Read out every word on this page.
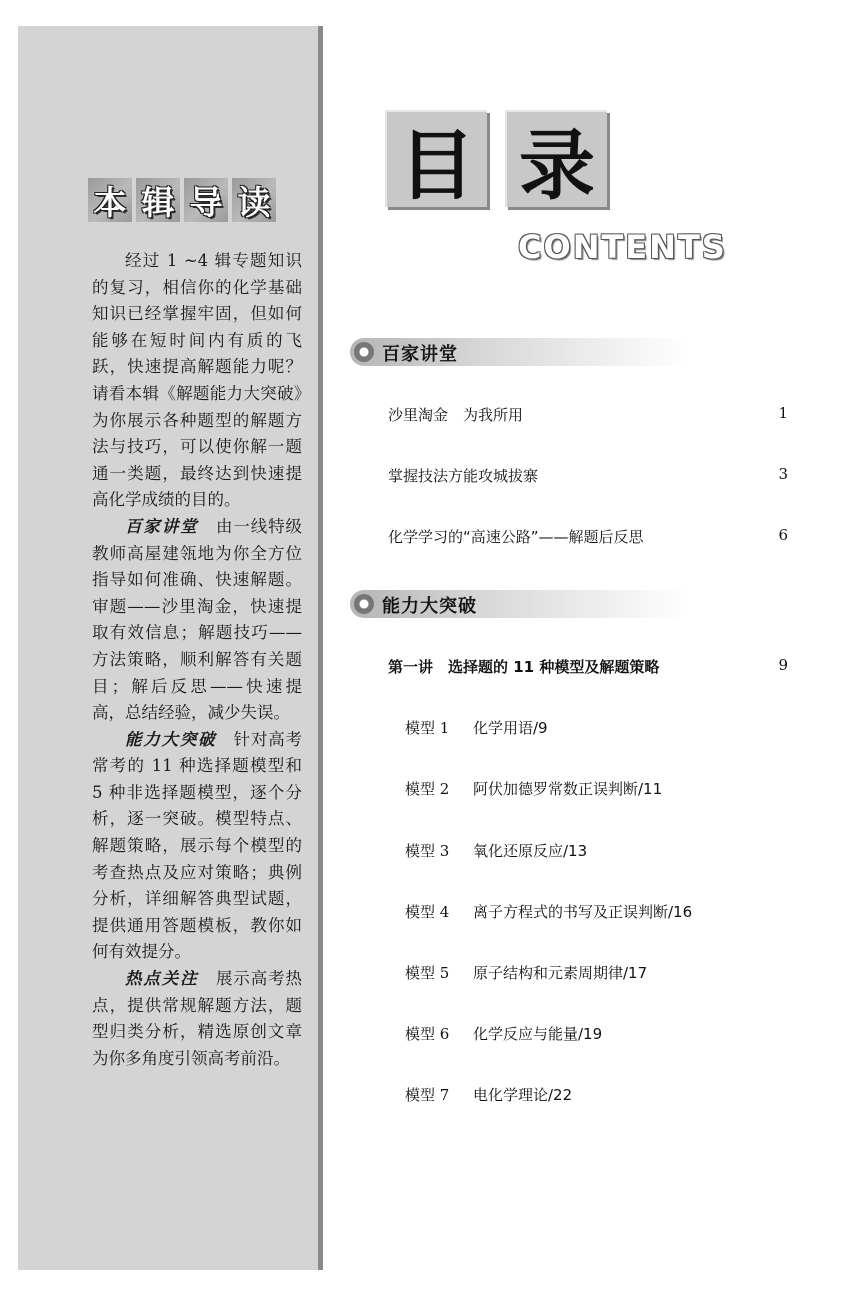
本 辑 导 读

经过 1 ~4 辑专题知识的复习，相信你的化学基础知识已经掌握牢固，但如何能够在短时间内有质的飞跃，快速提高解题能力呢？请看本辑《解题能力大突破》为你展示各种题型的解题方法与技巧，可以使你解一题通一类题，最终达到快速提高化学成绩的目的。

百家讲堂　 由一线特级教师高屋建瓴地为你全方位指导如何准确、快速解题。审题——沙里淘金，快速提取有效信息；解题技巧——方法策略，顺利解答有关题目；解后反思——快速提高，总结经验，减少失误。

能力大突破　 针对高考常考的 11 种选择题模型和 5 种非选择题模型，逐个分析，逐一突破。模型特点、解题策略，展示每个模型的考查热点及应对策略；典例分析，详细解答典型试题，提供通用答题模板，教你如何有效提分。

热点关注　 展示高考热点，提供常规解题方法，题型归类分析，精选原创文章为你多角度引领高考前沿。

目 录
CONTENTS
百家讲堂
沙里淘金　为我所用	1
掌握技法方能攻城拔寨	3
化学学习的“高速公路”——解题后反思	6
能力大突破
第一讲　选择题的 11 种模型及解题策略	9
模型 1 化学用语/9
模型 2 阿伏加德罗常数正误判断/11
模型 3 氧化还原反应/13
模型 4 离子方程式的书写及正误判断/16
模型 5 原子结构和元素周期律/17
模型 6 化学反应与能量/19
模型 7 电化学理论/22
